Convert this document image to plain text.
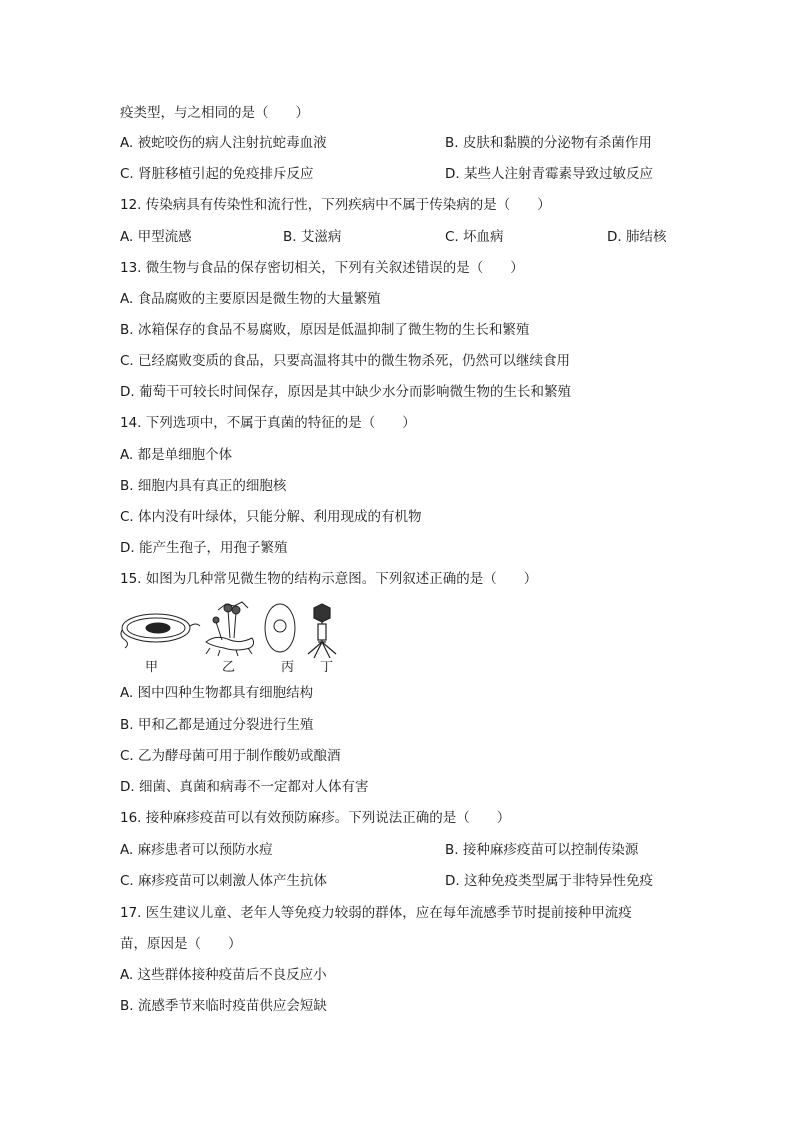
疫类型，与之相同的是（　　）
A. 被蛇咬伤的病人注射抗蛇毒血液	B. 皮肤和黏膜的分泌物有杀菌作用
C. 肾脏移植引起的免疫排斥反应	D. 某些人注射青霉素导致过敏反应
12. 传染病具有传染性和流行性，下列疾病中不属于传染病的是（　　）
A. 甲型流感	B. 艾滋病	C. 坏血病	D. 肺结核
13. 微生物与食品的保存密切相关，下列有关叙述错误的是（　　）
A. 食品腐败的主要原因是微生物的大量繁殖
B. 冰箱保存的食品不易腐败，原因是低温抑制了微生物的生长和繁殖
C. 已经腐败变质的食品，只要高温将其中的微生物杀死，仍然可以继续食用
D. 葡萄干可较长时间保存，原因是其中缺少水分而影响微生物的生长和繁殖
14. 下列选项中，不属于真菌的特征的是（　　）
A. 都是单细胞个体
B. 细胞内具有真正的细胞核
C. 体内没有叶绿体，只能分解、利用现成的有机物
D. 能产生孢子，用孢子繁殖
15. 如图为几种常见微生物的结构示意图。下列叙述正确的是（　　）
甲	乙	丙 丁
A. 图中四种生物都具有细胞结构
B. 甲和乙都是通过分裂进行生殖
C. 乙为酵母菌可用于制作酸奶或酿酒
D. 细菌、真菌和病毒不一定都对人体有害
16. 接种麻疹疫苗可以有效预防麻疹。下列说法正确的是（　　）
A. 麻疹患者可以预防水痘	B. 接种麻疹疫苗可以控制传染源
C. 麻疹疫苗可以刺激人体产生抗体	D. 这种免疫类型属于非特异性免疫
17. 医生建议儿童、老年人等免疫力较弱的群体，应在每年流感季节时提前接种甲流疫
苗，原因是（　　）
A. 这些群体接种疫苗后不良反应小
B. 流感季节来临时疫苗供应会短缺
